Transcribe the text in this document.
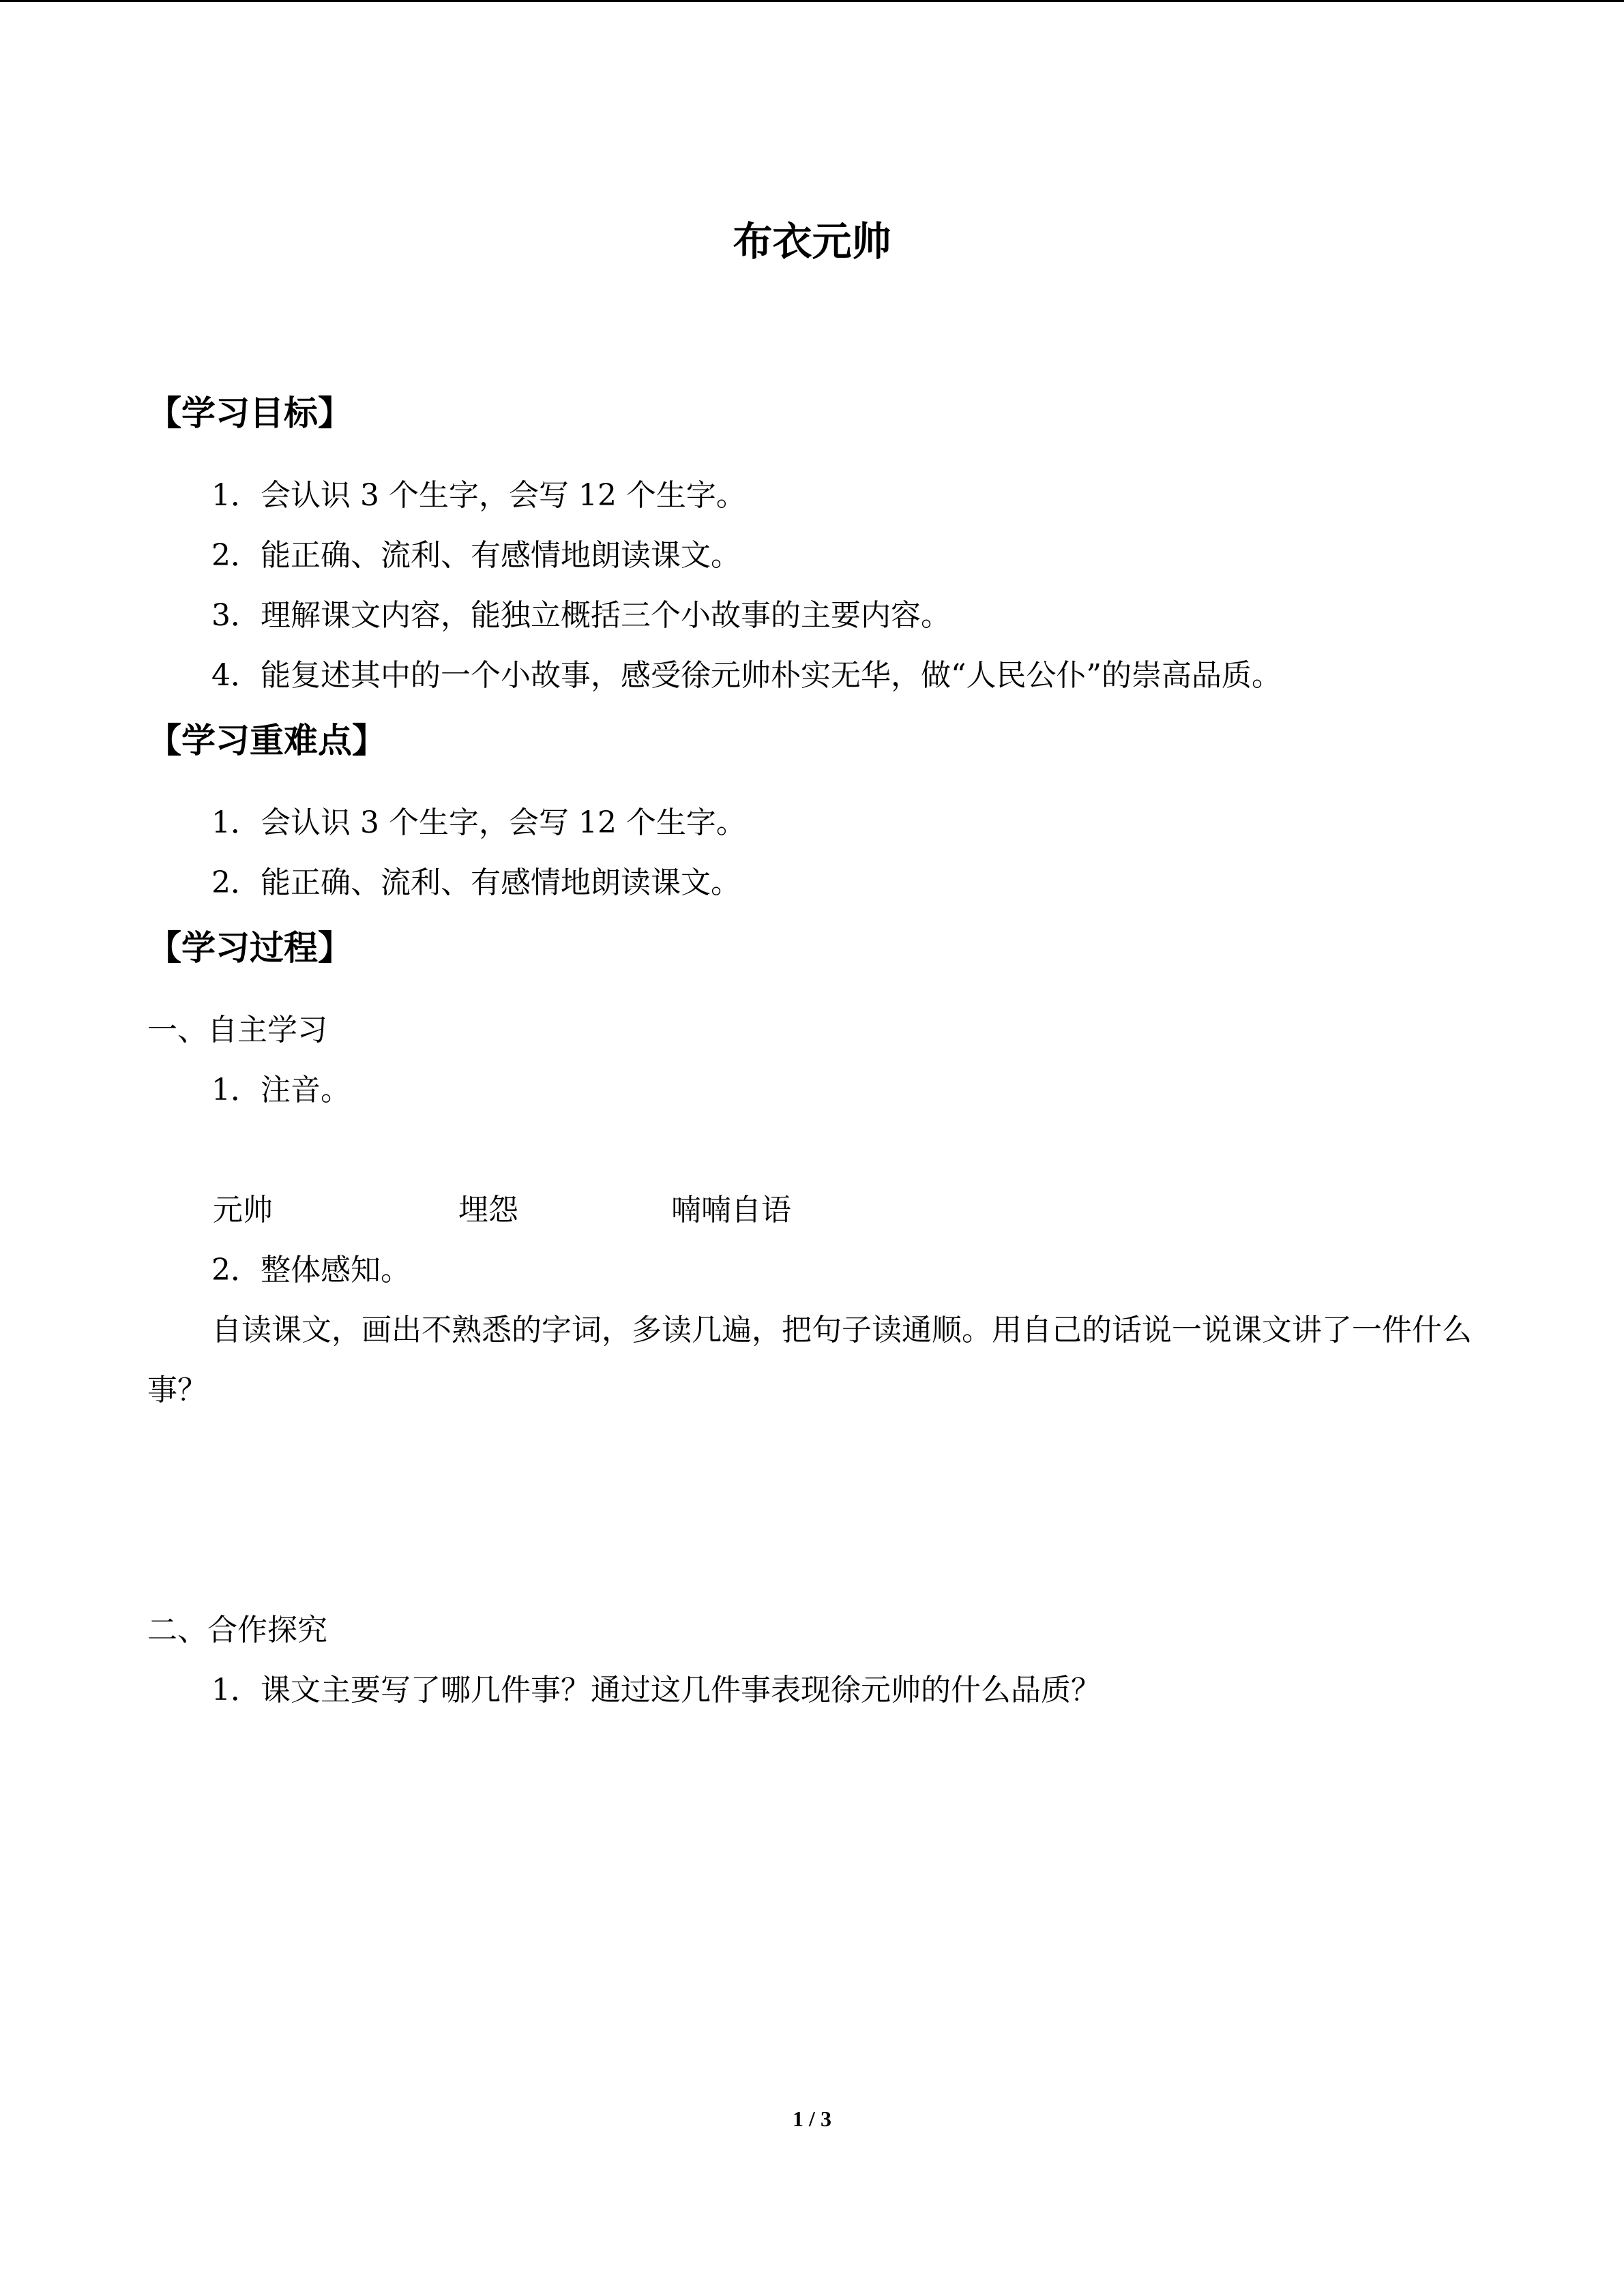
布衣元帅
【学习目标】
1．会认识 3 个生字，会写 12 个生字。
2．能正确、流利、有感情地朗读课文。
3．理解课文内容，能独立概括三个小故事的主要内容。
4．能复述其中的一个小故事，感受徐元帅朴实无华，做“人民公仆”的崇高品质。
【学习重难点】
1．会认识 3 个生字，会写 12 个生字。
2．能正确、流利、有感情地朗读课文。
【学习过程】
一、自主学习
1．注音。
元帅	埋怨	喃喃自语
2．整体感知。
自读课文，画出不熟悉的字词，多读几遍，把句子读通顺。用自己的话说一说课文讲了一件什么事？
二、合作探究
1．课文主要写了哪几件事？通过这几件事表现徐元帅的什么品质？
1 / 3
